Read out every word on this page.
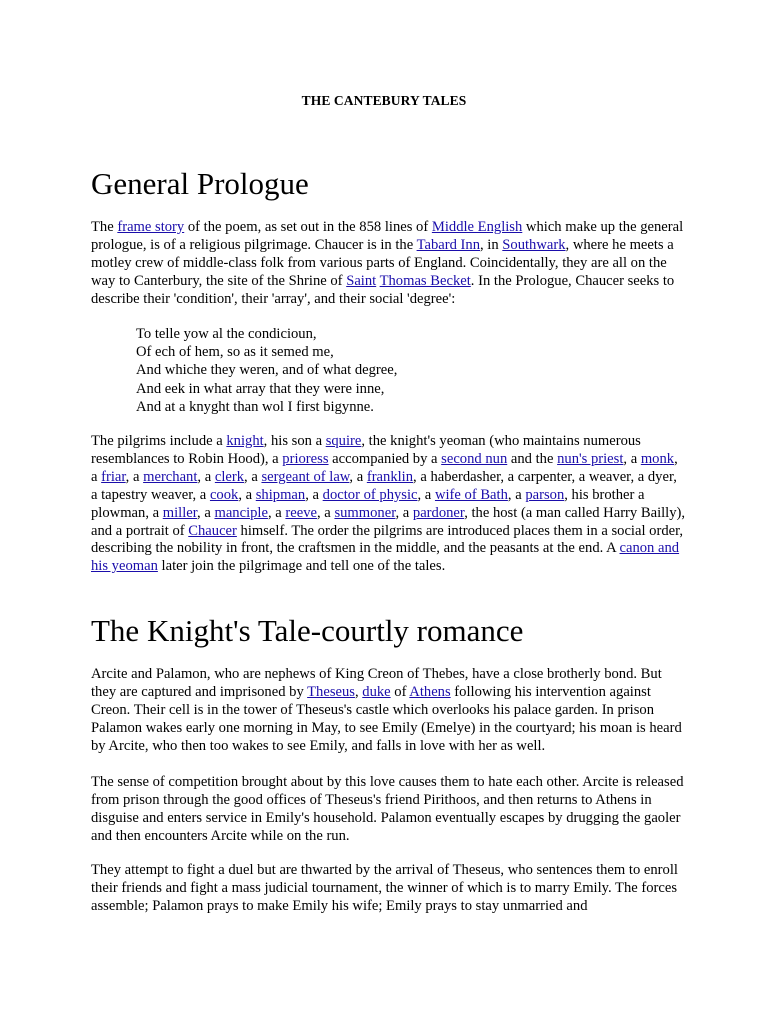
THE CANTEBURY TALES
General Prologue

The frame story of the poem, as set out in the 858 lines of Middle English which make up the general prologue, is of a religious pilgrimage. Chaucer is in the Tabard Inn, in Southwark, where he meets a motley crew of middle-class folk from various parts of England. Coincidentally, they are all on the way to Canterbury, the site of the Shrine of Saint Thomas Becket. In the Prologue, Chaucer seeks to describe their 'condition', their 'array', and their social 'degree':

To telle yow al the condicioun,
Of ech of hem, so as it semed me,
And whiche they weren, and of what degree,
And eek in what array that they were inne,
And at a knyght than wol I first bigynne.

The pilgrims include a knight, his son a squire, the knight's yeoman (who maintains numerous resemblances to Robin Hood), a prioress accompanied by a second nun and the nun's priest, a monk, a friar, a merchant, a clerk, a sergeant of law, a franklin, a haberdasher, a carpenter, a weaver, a dyer, a tapestry weaver, a cook, a shipman, a doctor of physic, a wife of Bath, a parson, his brother a plowman, a miller, a manciple, a reeve, a summoner, a pardoner, the host (a man called Harry Bailly), and a portrait of Chaucer himself. The order the pilgrims are introduced places them in a social order, describing the nobility in front, the craftsmen in the middle, and the peasants at the end. A canon and his yeoman later join the pilgrimage and tell one of the tales.

The Knight's Tale-courtly romance

Arcite and Palamon, who are nephews of King Creon of Thebes, have a close brotherly bond. But they are captured and imprisoned by Theseus, duke of Athens following his intervention against Creon. Their cell is in the tower of Theseus's castle which overlooks his palace garden. In prison Palamon wakes early one morning in May, to see Emily (Emelye) in the courtyard; his moan is heard by Arcite, who then too wakes to see Emily, and falls in love with her as well.

The sense of competition brought about by this love causes them to hate each other. Arcite is released from prison through the good offices of Theseus's friend Pirithoos, and then returns to Athens in disguise and enters service in Emily's household. Palamon eventually escapes by drugging the gaoler and then encounters Arcite while on the run.

They attempt to fight a duel but are thwarted by the arrival of Theseus, who sentences them to enroll their friends and fight a mass judicial tournament, the winner of which is to marry Emily. The forces assemble; Palamon prays to make Emily his wife; Emily prays to stay unmarried and
